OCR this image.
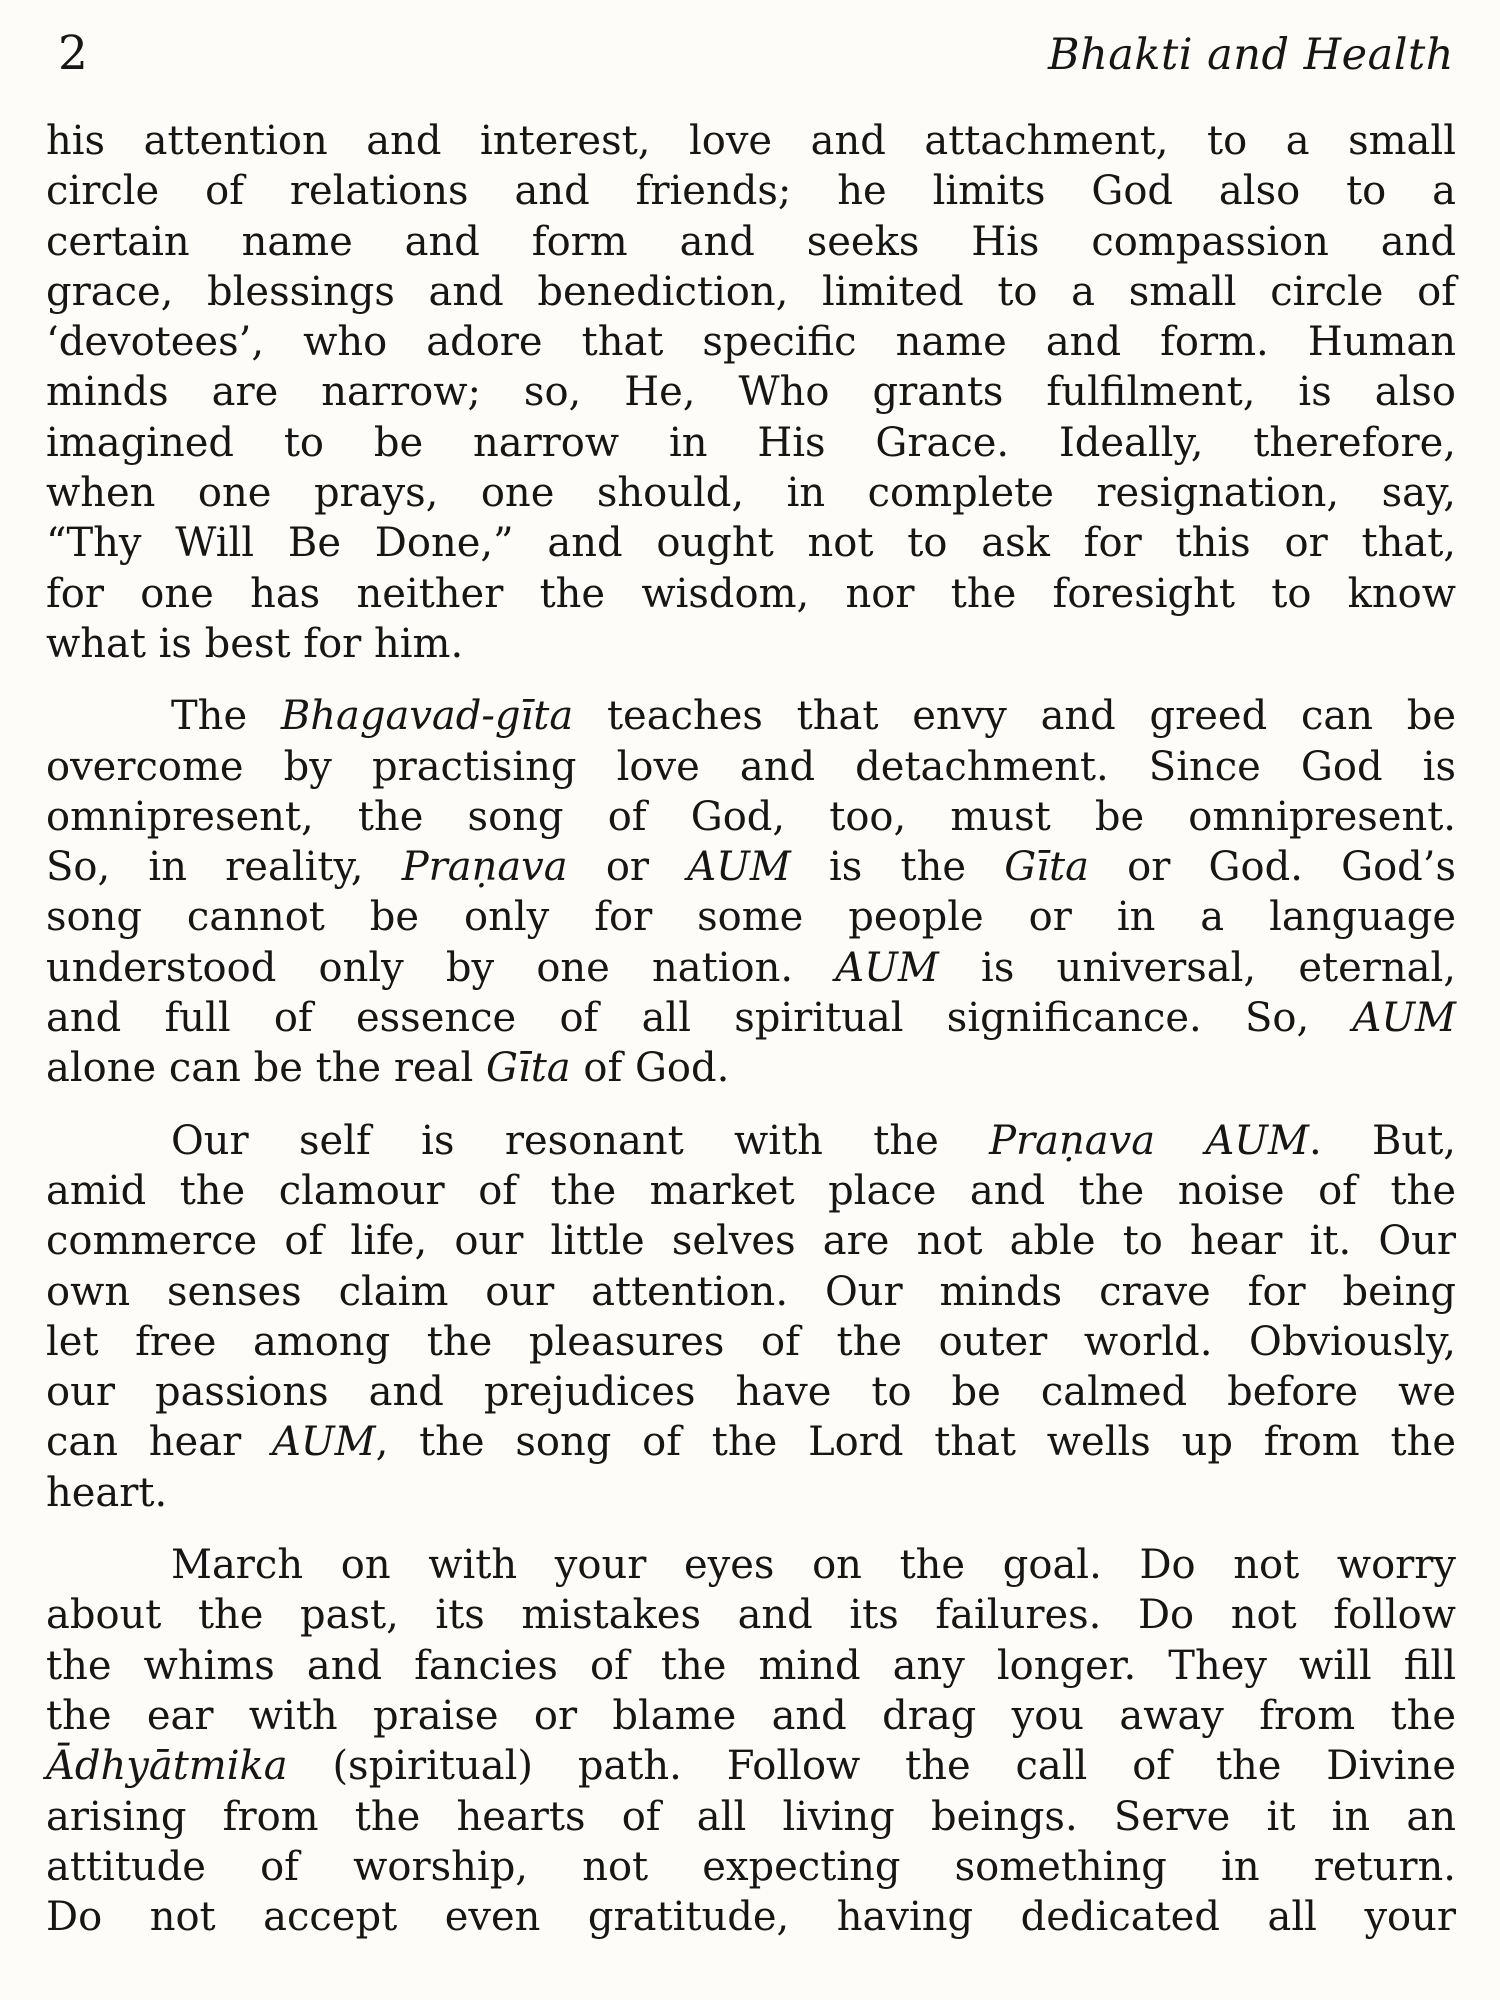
2	Bhakti and Health
his attention and interest, love and attachment, to a small
circle of relations and friends; he limits God also to a
certain name and form and seeks His compassion and
grace, blessings and benediction, limited to a small circle of
‘devotees’, who adore that specific name and form. Human
minds are narrow; so, He, Who grants fulfilment, is also
imagined to be narrow in His Grace. Ideally, therefore,
when one prays, one should, in complete resignation, say,
“Thy Will Be Done,” and ought not to ask for this or that,
for one has neither the wisdom, nor the foresight to know
what is best for him.
The Bhagavad-gīta teaches that envy and greed can be
overcome by practising love and detachment. Since God is
omnipresent, the song of God, too, must be omnipresent.
So, in reality, Praṇava or AUM is the Gīta or God. God’s
song cannot be only for some people or in a language
understood only by one nation. AUM is universal, eternal,
and full of essence of all spiritual significance. So, AUM
alone can be the real Gīta of God.
Our self is resonant with the Praṇava AUM. But,
amid the clamour of the market place and the noise of the
commerce of life, our little selves are not able to hear it. Our
own senses claim our attention. Our minds crave for being
let free among the pleasures of the outer world. Obviously,
our passions and prejudices have to be calmed before we
can hear AUM, the song of the Lord that wells up from the
heart.
March on with your eyes on the goal. Do not worry
about the past, its mistakes and its failures. Do not follow
the whims and fancies of the mind any longer. They will fill
the ear with praise or blame and drag you away from the
Ādhyātmika (spiritual) path. Follow the call of the Divine
arising from the hearts of all living beings. Serve it in an
attitude of worship, not expecting something in return.
Do not accept even gratitude, having dedicated all your
